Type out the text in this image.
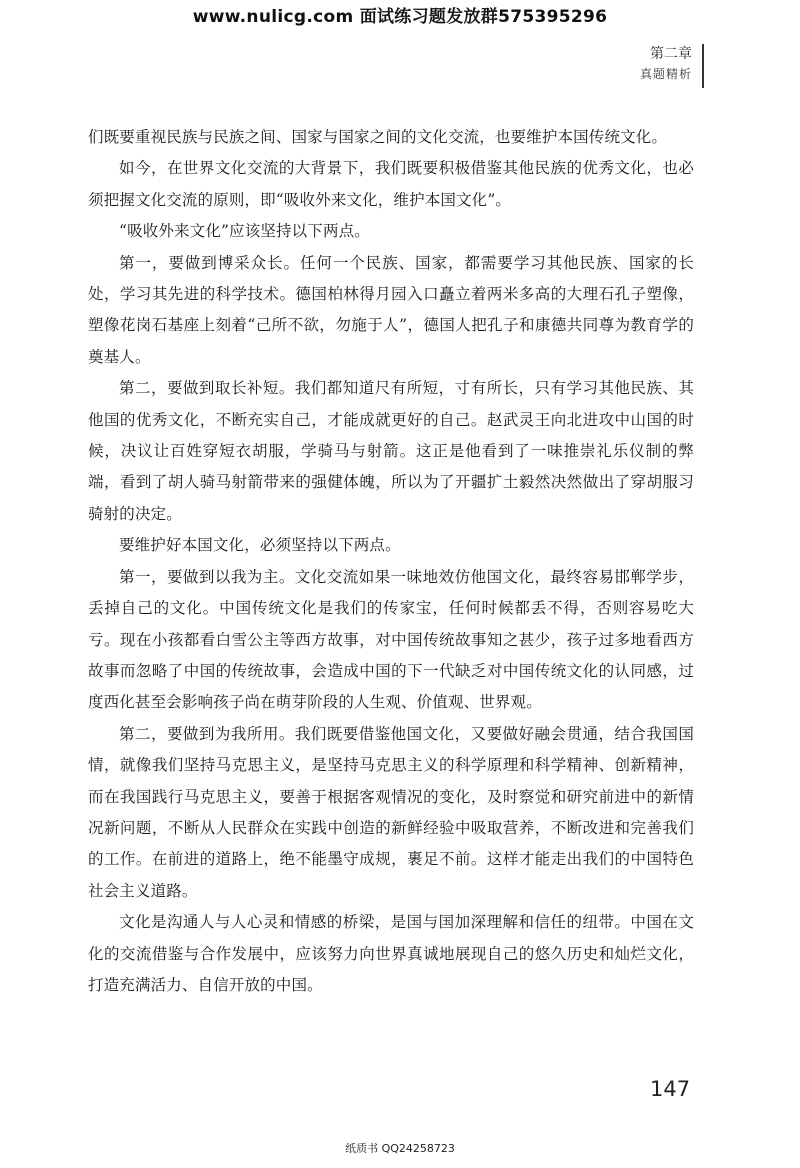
www.nulicg.com 面试练习题发放群575395296
第二章
真题精析

们既要重视民族与民族之间、国家与国家之间的文化交流，也要维护本国传统文化。

如今，在世界文化交流的大背景下，我们既要积极借鉴其他民族的优秀文化，也必须把握文化交流的原则，即“吸收外来文化，维护本国文化”。

“吸收外来文化”应该坚持以下两点。

第一，要做到博采众长。任何一个民族、国家，都需要学习其他民族、国家的长处，学习其先进的科学技术。德国柏林得月园入口矗立着两米多高的大理石孔子塑像，塑像花岗石基座上刻着“己所不欲，勿施于人”，德国人把孔子和康德共同尊为教育学的奠基人。

第二，要做到取长补短。我们都知道尺有所短，寸有所长，只有学习其他民族、其他国的优秀文化，不断充实自己，才能成就更好的自己。赵武灵王向北进攻中山国的时候，决议让百姓穿短衣胡服，学骑马与射箭。这正是他看到了一味推崇礼乐仪制的弊端，看到了胡人骑马射箭带来的强健体魄，所以为了开疆扩土毅然决然做出了穿胡服习骑射的决定。

要维护好本国文化，必须坚持以下两点。

第一，要做到以我为主。文化交流如果一味地效仿他国文化，最终容易邯郸学步，丢掉自己的文化。中国传统文化是我们的传家宝，任何时候都丢不得，否则容易吃大亏。现在小孩都看白雪公主等西方故事，对中国传统故事知之甚少，孩子过多地看西方故事而忽略了中国的传统故事，会造成中国的下一代缺乏对中国传统文化的认同感，过度西化甚至会影响孩子尚在萌芽阶段的人生观、价值观、世界观。

第二，要做到为我所用。我们既要借鉴他国文化，又要做好融会贯通，结合我国国情，就像我们坚持马克思主义，是坚持马克思主义的科学原理和科学精神、创新精神，而在我国践行马克思主义，要善于根据客观情况的变化，及时察觉和研究前进中的新情况新问题，不断从人民群众在实践中创造的新鲜经验中吸取营养，不断改进和完善我们的工作。在前进的道路上，绝不能墨守成规，裹足不前。这样才能走出我们的中国特色社会主义道路。

文化是沟通人与人心灵和情感的桥梁，是国与国加深理解和信任的纽带。中国在文化的交流借鉴与合作发展中，应该努力向世界真诚地展现自己的悠久历史和灿烂文化，打造充满活力、自信开放的中国。

147
纸质书 QQ24258723
